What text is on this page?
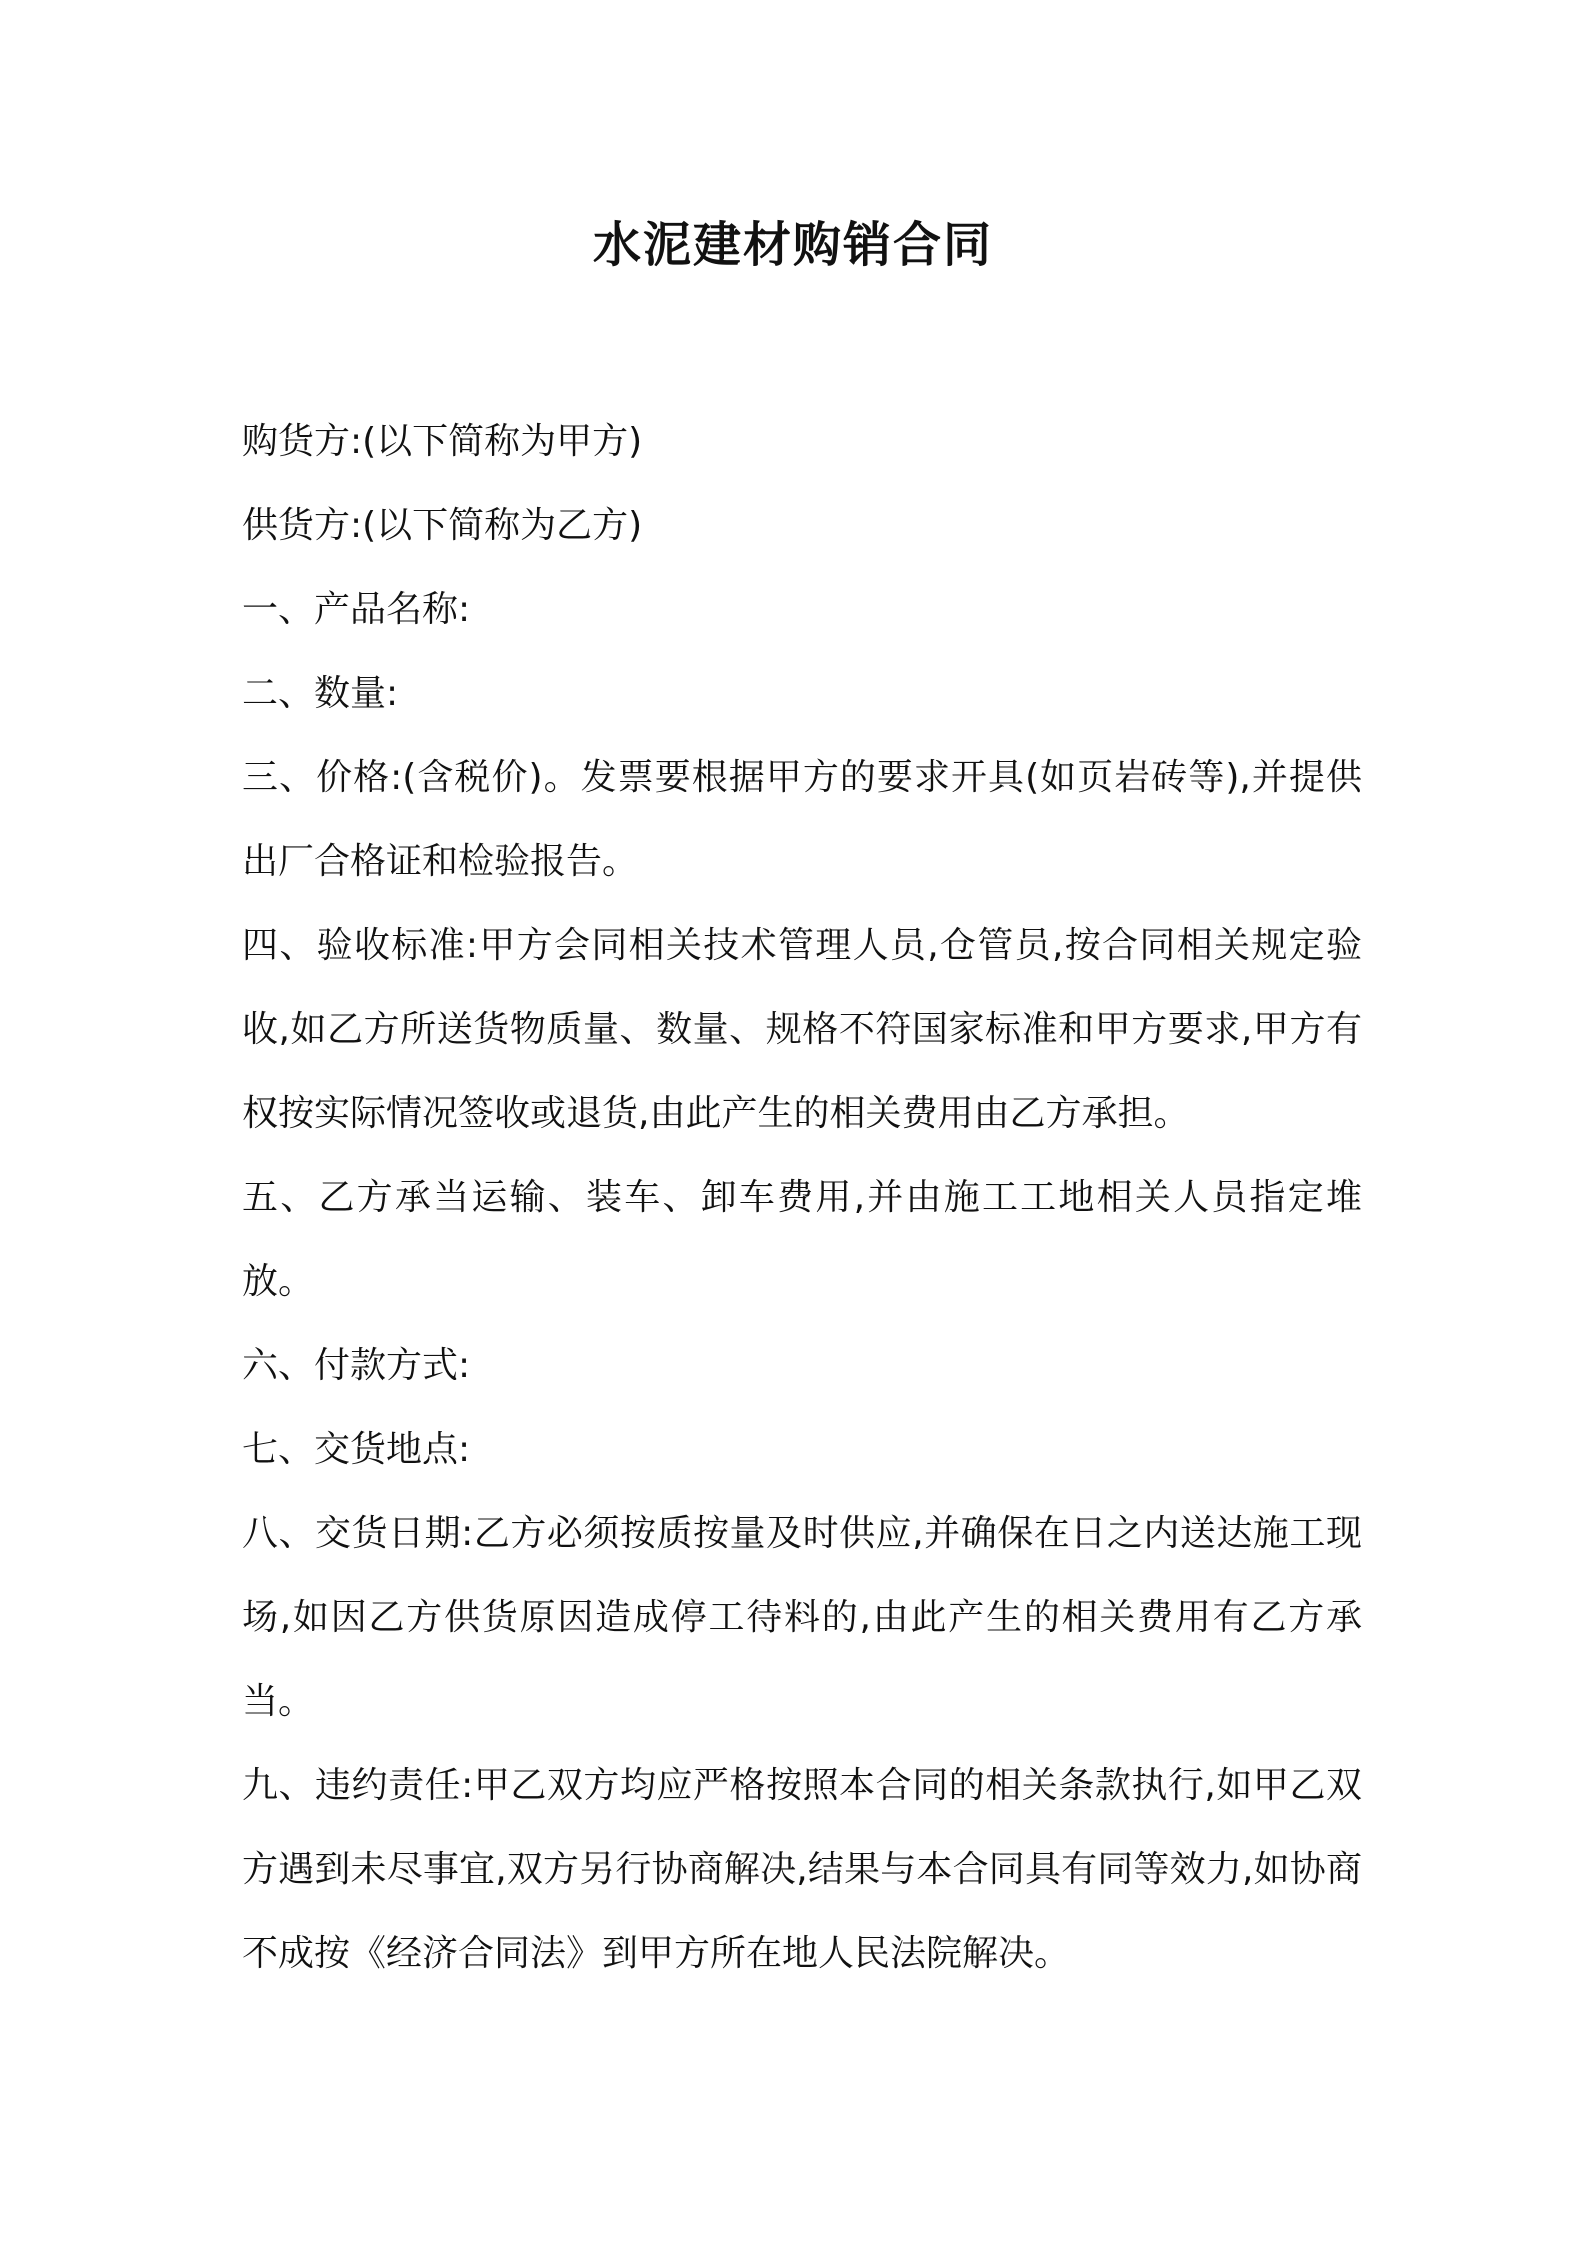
水泥建材购销合同

购货方:(以下简称为甲方)

供货方:(以下简称为乙方)

一、产品名称:

二、数量:

三、价格:(含税价)。发票要根据甲方的要求开具(如页岩砖等),并提供出厂合格证和检验报告。

四、验收标准:甲方会同相关技术管理人员,仓管员,按合同相关规定验收,如乙方所送货物质量、数量、规格不符国家标准和甲方要求,甲方有权按实际情况签收或退货,由此产生的相关费用由乙方承担。

五、乙方承当运输、装车、卸车费用,并由施工工地相关人员指定堆放。

六、付款方式:

七、交货地点:

八、交货日期:乙方必须按质按量及时供应,并确保在日之内送达施工现场,如因乙方供货原因造成停工待料的,由此产生的相关费用有乙方承当。

九、违约责任:甲乙双方均应严格按照本合同的相关条款执行,如甲乙双方遇到未尽事宜,双方另行协商解决,结果与本合同具有同等效力,如协商不成按《经济合同法》到甲方所在地人民法院解决。
